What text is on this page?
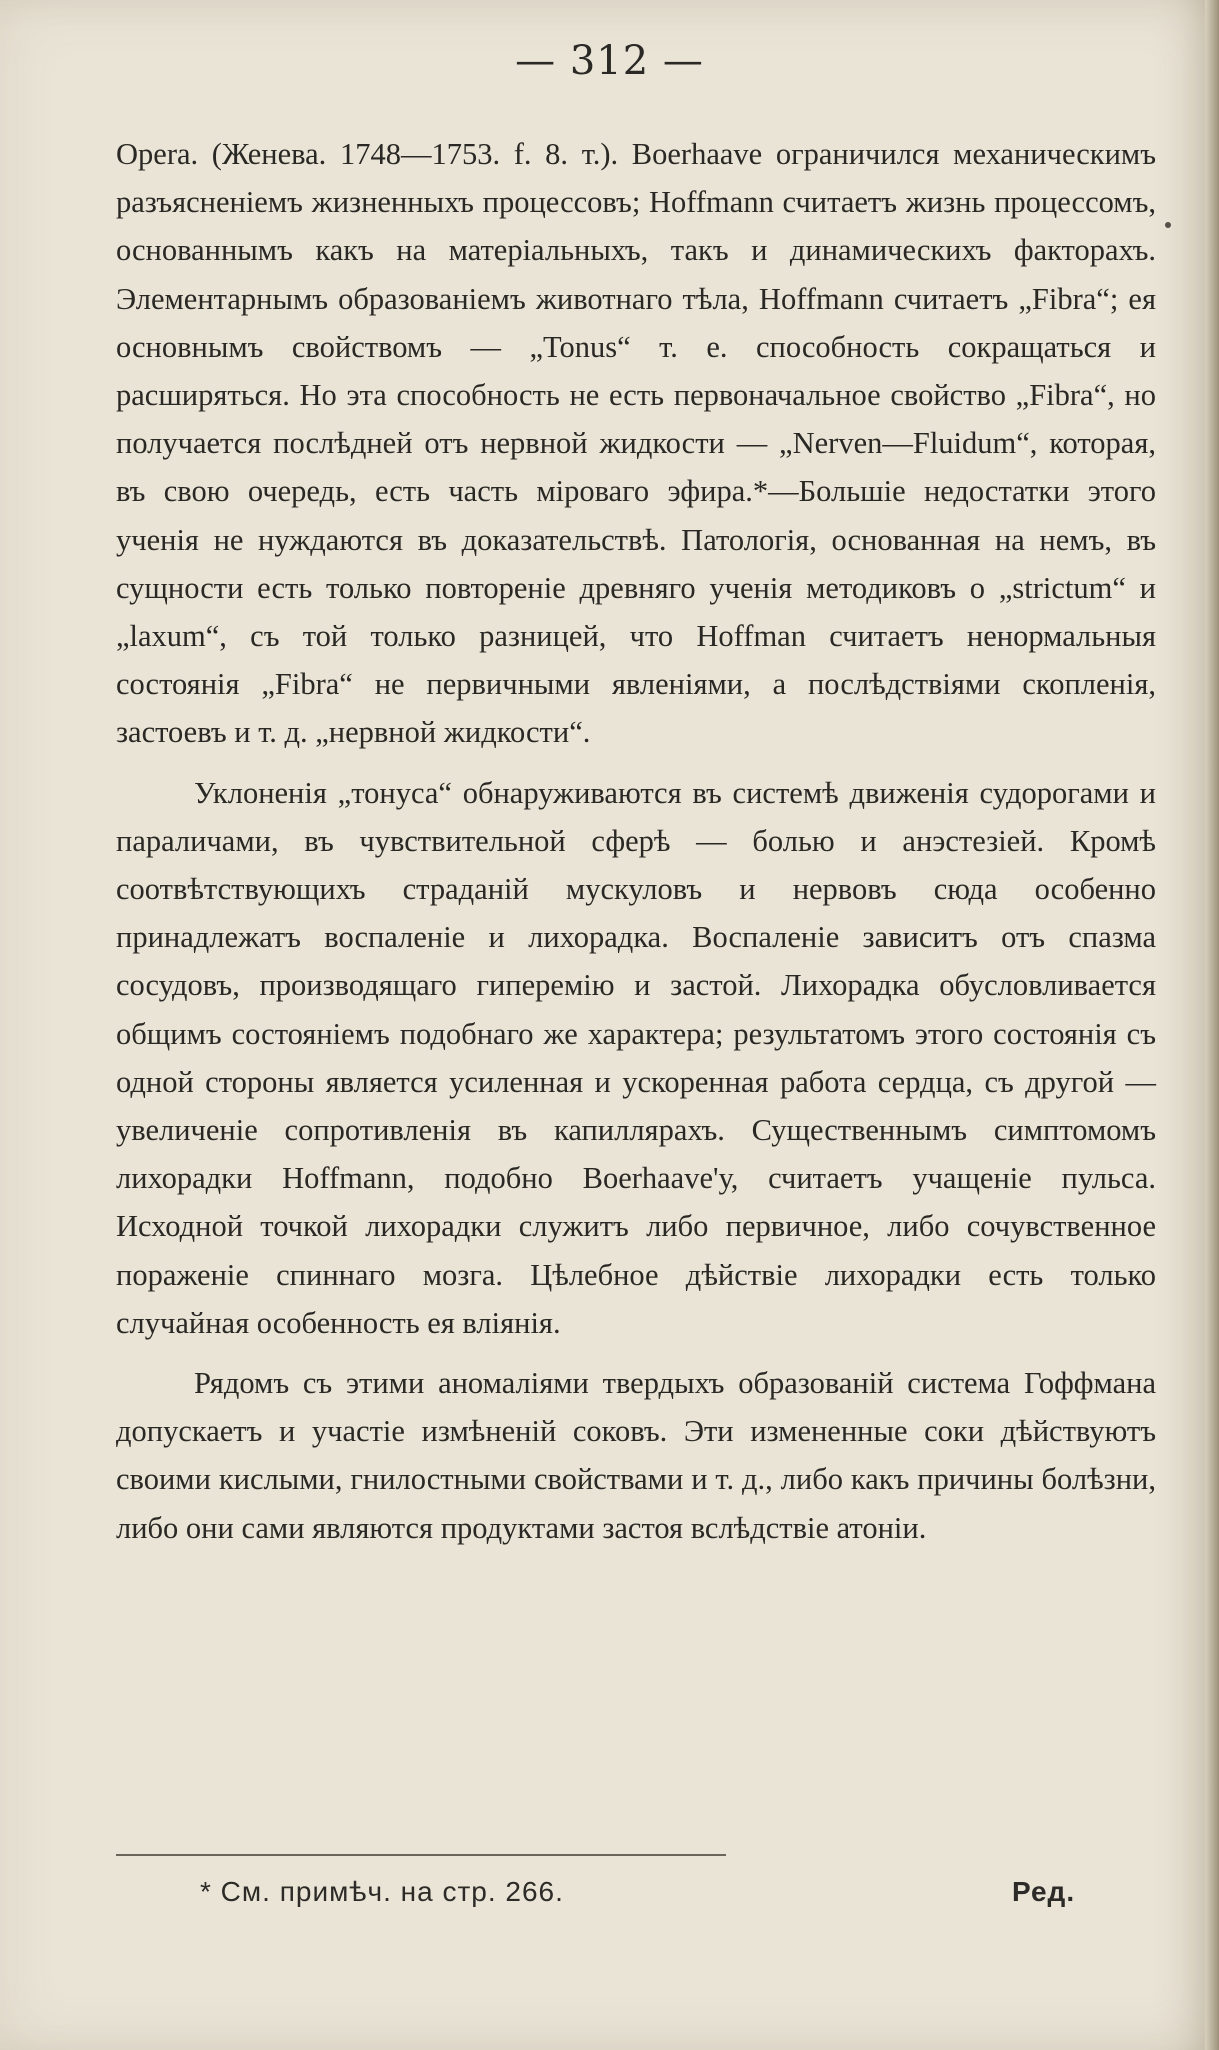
— 312 —

Opera. (Женева. 1748—1753. f. 8. т.). Boerhaave ограничился механическимъ разъясненіемъ жизненныхъ процессовъ; Hoffmann считаетъ жизнь процессомъ, основаннымъ какъ на матеріальныхъ, такъ и динамическихъ факторахъ. Элементарнымъ образованіемъ животнаго тѣла, Hoffmann считаетъ „Fibra“; ея основнымъ свойствомъ — „Tonus“ т. е. способность сокращаться и расширяться. Но эта способность не есть первоначальное свойство „Fibra“, но получается послѣдней отъ нервной жидкости — „Nerven—Fluidum“, которая, въ свою очередь, есть часть міроваго эфира.*—Большіе недостатки этого ученія не нуждаются въ доказательствѣ. Патологія, основанная на немъ, въ сущности есть только повтореніе древняго ученія методиковъ о „strictum“ и „laxum“, съ той только разницей, что Hoffman считаетъ ненормальныя состоянія „Fibra“ не первичными явленіями, а послѣдствіями скопленія, застоевъ и т. д. „нервной жидкости“.

Уклоненія „тонуса“ обнаруживаются въ системѣ движенія судорогами и параличами, въ чувствительной сферѣ — болью и анэстезіей. Кромѣ соотвѣтствующихъ страданій мускуловъ и нервовъ сюда особенно принадлежатъ воспаленіе и лихорадка. Воспаленіе зависитъ отъ спазма сосудовъ, производящаго гиперемію и застой. Лихорадка обусловливается общимъ состояніемъ подобнаго же характера; результатомъ этого состоянія съ одной стороны является усиленная и ускоренная работа сердца, съ другой — увеличеніе сопротивленія въ капиллярахъ. Существеннымъ симптомомъ лихорадки Hoffmann, подобно Boerhaave'у, считаетъ учащеніе пульса. Исходной точкой лихорадки служитъ либо первичное, либо сочувственное пораженіе спиннаго мозга. Цѣлебное дѣйствіе лихорадки есть только случайная особенность ея вліянія.

Рядомъ съ этими аномаліями твердыхъ образованій система Гоффмана допускаетъ и участіе измѣненій соковъ. Эти измененные соки дѣйствуютъ своими кислыми, гнилостными свойствами и т. д., либо какъ причины болѣзни, либо они сами являются продуктами застоя вслѣдствіе атоніи.

* См. примѣч. на стр. 266.	Ред.
